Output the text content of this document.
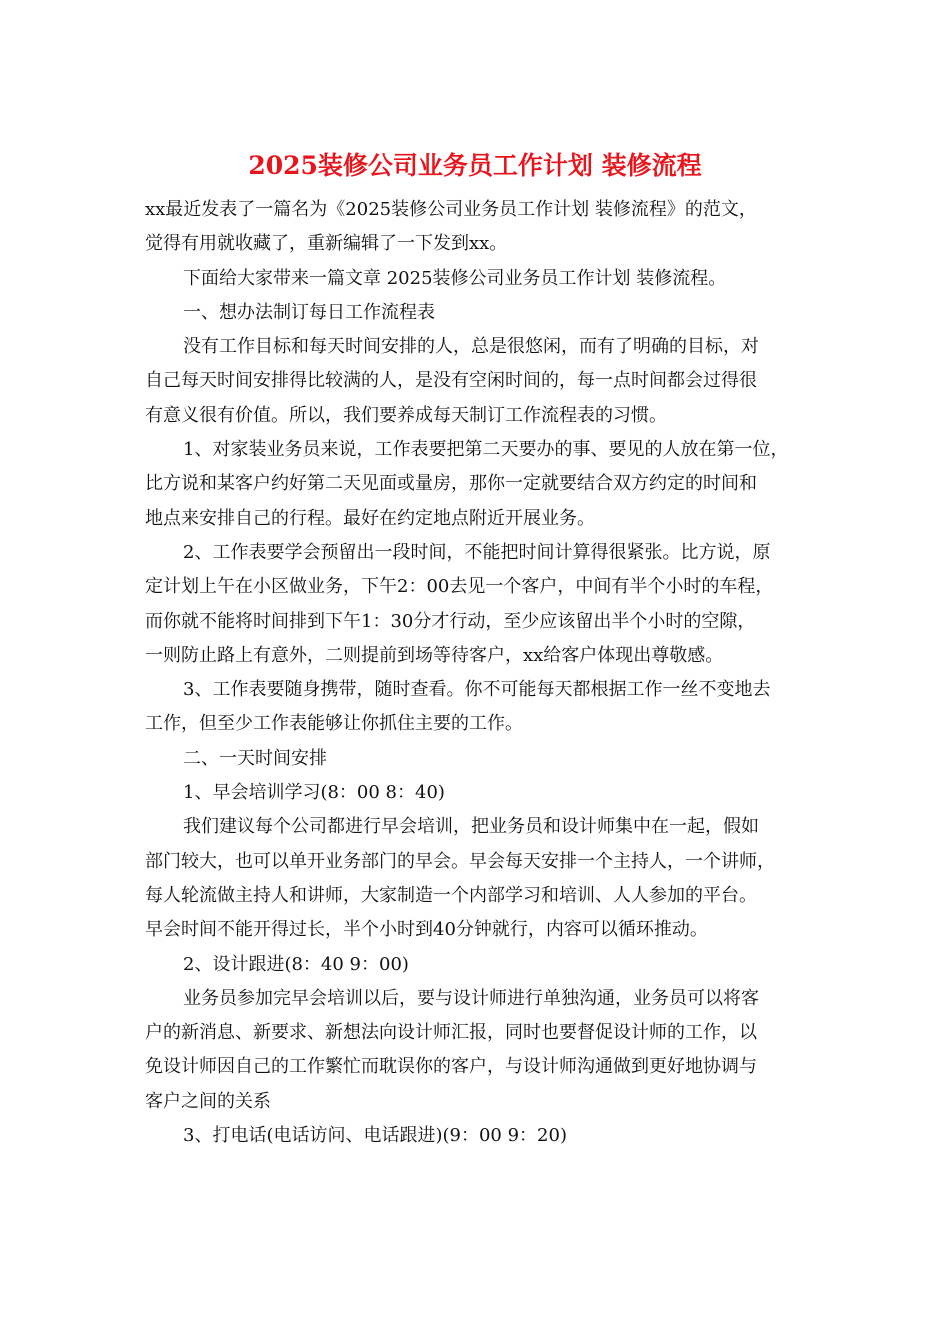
2025装修公司业务员工作计划 装修流程
xx最近发表了一篇名为《2025装修公司业务员工作计划 装修流程》的范文，
觉得有用就收藏了，重新编辑了一下发到xx。
下面给大家带来一篇文章 2025装修公司业务员工作计划 装修流程。
一、想办法制订每日工作流程表
没有工作目标和每天时间安排的人，总是很悠闲，而有了明确的目标，对
自己每天时间安排得比较满的人，是没有空闲时间的，每一点时间都会过得很
有意义很有价值。所以，我们要养成每天制订工作流程表的习惯。
1、对家装业务员来说，工作表要把第二天要办的事、要见的人放在第一位，
比方说和某客户约好第二天见面或量房，那你一定就要结合双方约定的时间和
地点来安排自己的行程。最好在约定地点附近开展业务。
2、工作表要学会预留出一段时间，不能把时间计算得很紧张。比方说，原
定计划上午在小区做业务，下午2：00去见一个客户，中间有半个小时的车程，
而你就不能将时间排到下午1：30分才行动，至少应该留出半个小时的空隙，
一则防止路上有意外，二则提前到场等待客户，xx给客户体现出尊敬感。
3、工作表要随身携带，随时查看。你不可能每天都根据工作一丝不变地去
工作，但至少工作表能够让你抓住主要的工作。
二、一天时间安排
1、早会培训学习(8：00 8：40)
我们建议每个公司都进行早会培训，把业务员和设计师集中在一起，假如
部门较大，也可以单开业务部门的早会。早会每天安排一个主持人，一个讲师，
每人轮流做主持人和讲师，大家制造一个内部学习和培训、人人参加的平台。
早会时间不能开得过长，半个小时到40分钟就行，内容可以循环推动。
2、设计跟进(8：40 9：00)
业务员参加完早会培训以后，要与设计师进行单独沟通，业务员可以将客
户的新消息、新要求、新想法向设计师汇报，同时也要督促设计师的工作，以
免设计师因自己的工作繁忙而耽误你的客户，与设计师沟通做到更好地协调与
客户之间的关系
3、打电话(电话访问、电话跟进)(9：00 9：20)
